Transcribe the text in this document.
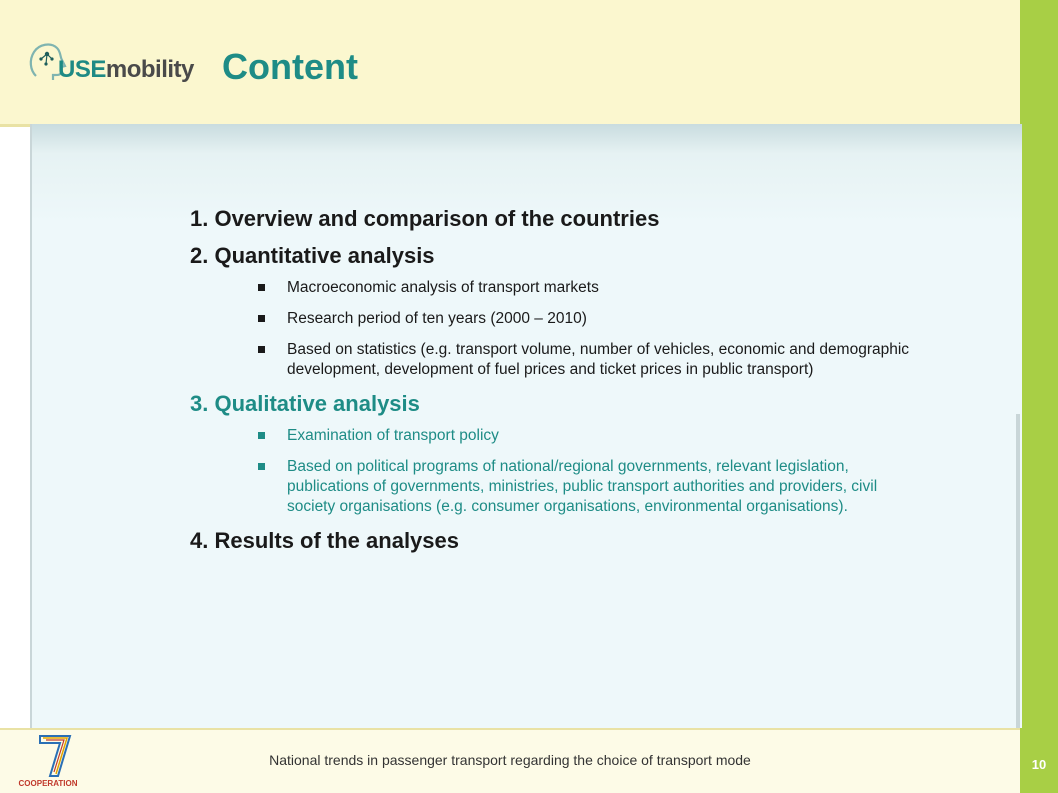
USEmobility Content

1. Overview and comparison of the countries

2. Quantitative analysis

Macroeconomic analysis of transport markets
Research period of ten years (2000 – 2010)
Based on statistics (e.g. transport volume, number of vehicles, economic and demographic development, development of fuel prices and ticket prices in public transport)

3. Qualitative analysis

Examination of transport policy
Based on political programs of national/regional governments, relevant legislation, publications of governments, ministries, public transport authorities and providers, civil society organisations (e.g. consumer organisations, environmental organisations).

4. Results of the analyses

COOPERATION
National trends in passenger transport regarding the choice of transport mode	10
